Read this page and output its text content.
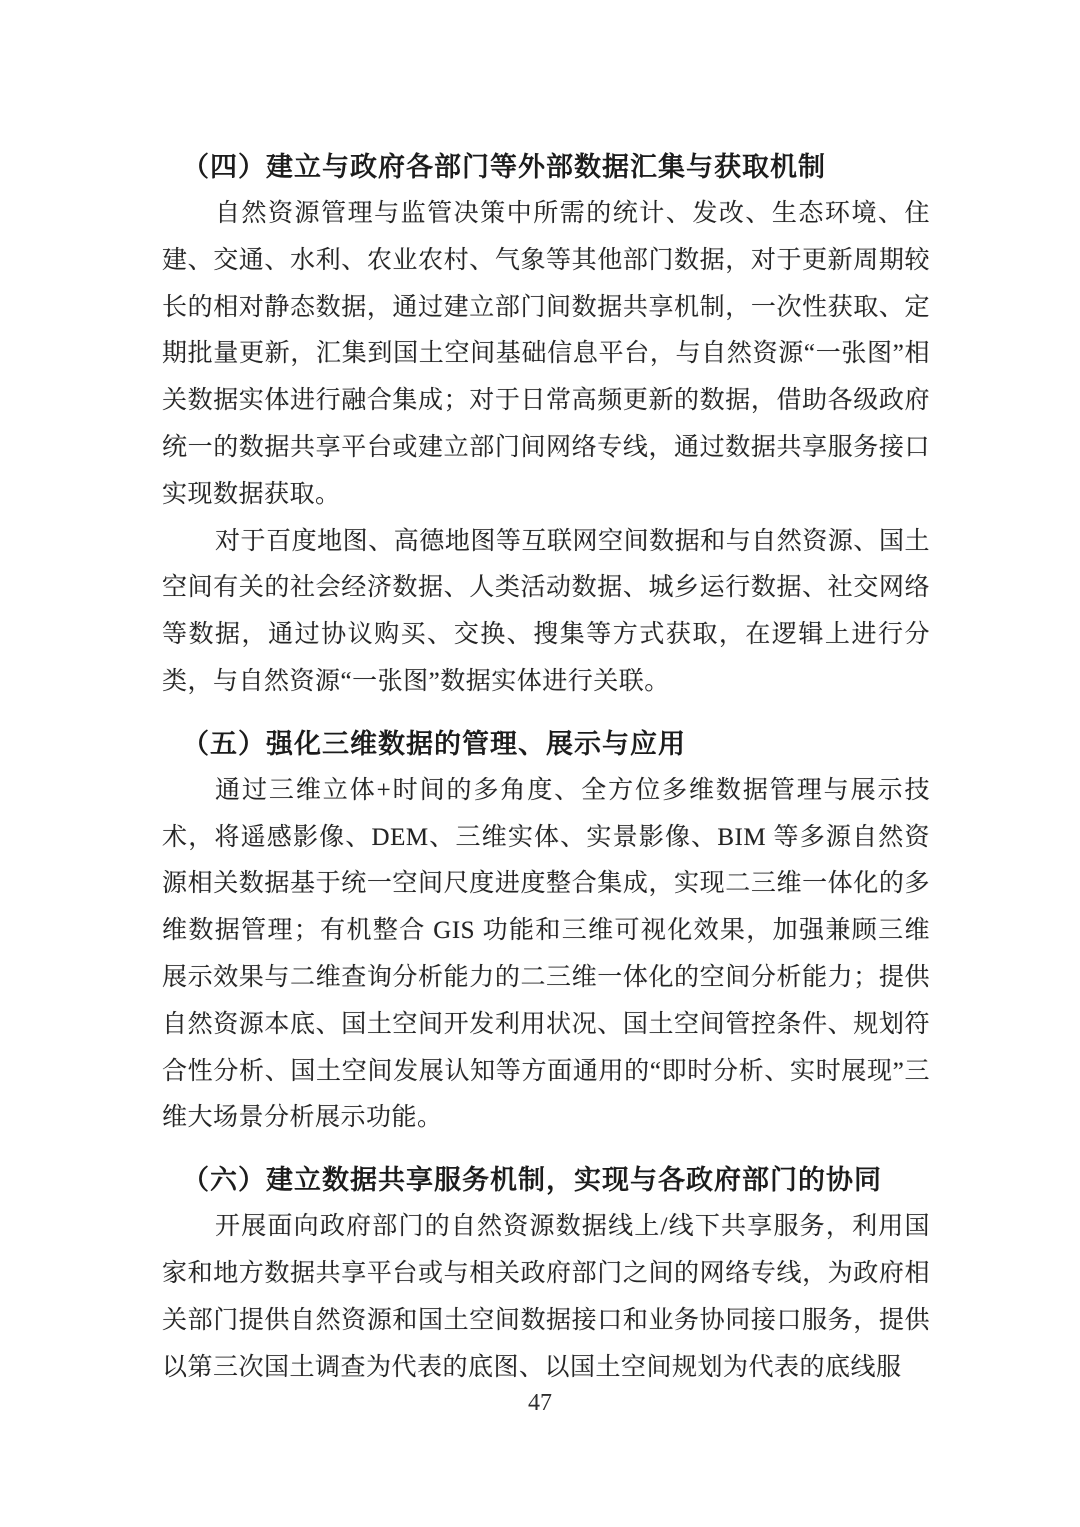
（四）建立与政府各部门等外部数据汇集与获取机制

自然资源管理与监管决策中所需的统计、发改、生态环境、住建、交通、水利、农业农村、气象等其他部门数据，对于更新周期较长的相对静态数据，通过建立部门间数据共享机制，一次性获取、定期批量更新，汇集到国土空间基础信息平台，与自然资源“一张图”相关数据实体进行融合集成；对于日常高频更新的数据，借助各级政府统一的数据共享平台或建立部门间网络专线，通过数据共享服务接口实现数据获取。

对于百度地图、高德地图等互联网空间数据和与自然资源、国土空间有关的社会经济数据、人类活动数据、城乡运行数据、社交网络等数据，通过协议购买、交换、搜集等方式获取，在逻辑上进行分类，与自然资源“一张图”数据实体进行关联。

（五）强化三维数据的管理、展示与应用

通过三维立体+时间的多角度、全方位多维数据管理与展示技术，将遥感影像、DEM、三维实体、实景影像、BIM 等多源自然资源相关数据基于统一空间尺度进度整合集成，实现二三维一体化的多维数据管理；有机整合 GIS 功能和三维可视化效果，加强兼顾三维展示效果与二维查询分析能力的二三维一体化的空间分析能力；提供自然资源本底、国土空间开发利用状况、国土空间管控条件、规划符合性分析、国土空间发展认知等方面通用的“即时分析、实时展现”三维大场景分析展示功能。

（六）建立数据共享服务机制，实现与各政府部门的协同

开展面向政府部门的自然资源数据线上/线下共享服务，利用国家和地方数据共享平台或与相关政府部门之间的网络专线，为政府相关部门提供自然资源和国土空间数据接口和业务协同接口服务，提供以第三次国土调查为代表的底图、以国土空间规划为代表的底线服

47
